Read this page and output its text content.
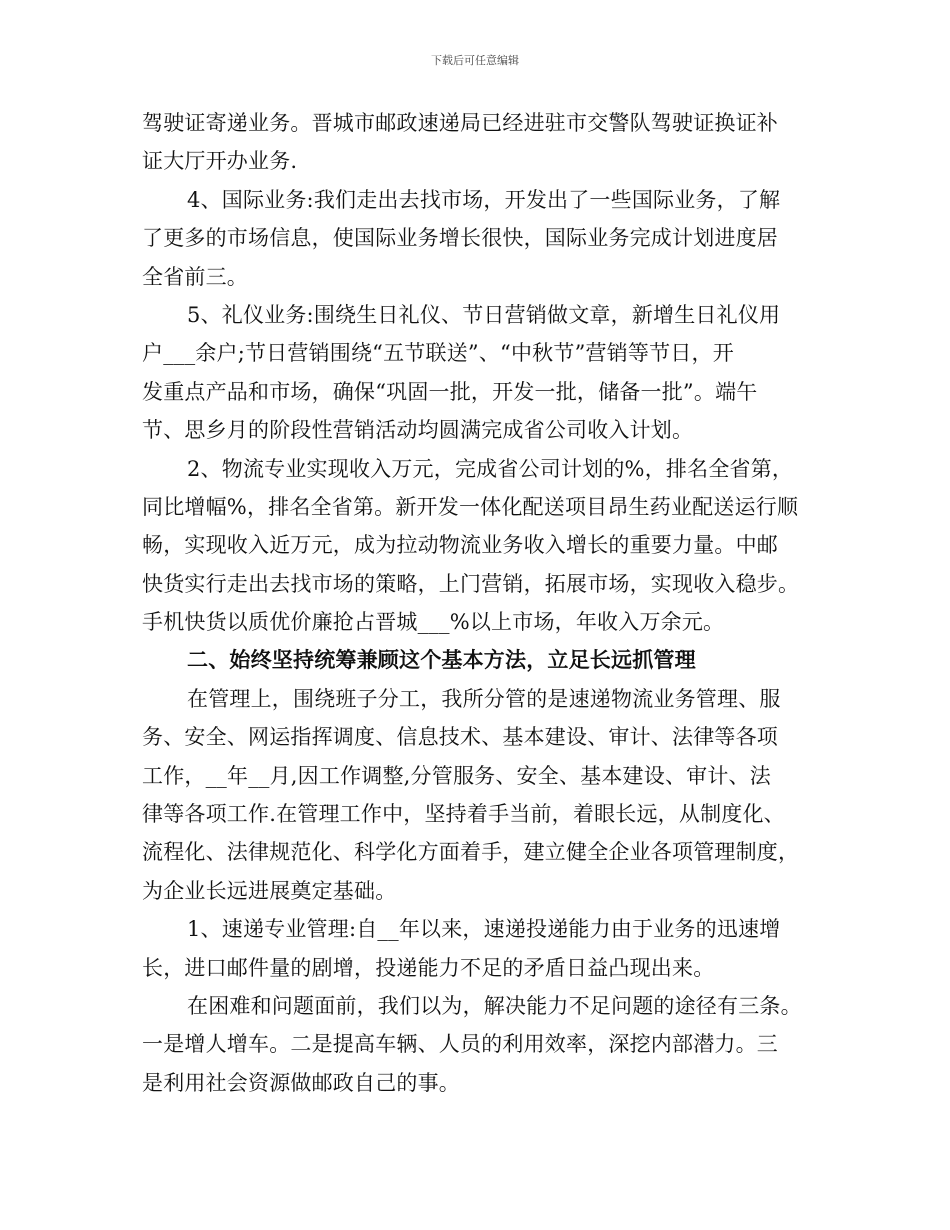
下载后可任意编辑
驾驶证寄递业务。晋城市邮政速递局已经进驻市交警队驾驶证换证补
证大厅开办业务.
4、国际业务:我们走出去找市场，开发出了一些国际业务，了解
了更多的市场信息，使国际业务增长很快，国际业务完成计划进度居
全省前三。
5、礼仪业务:围绕生日礼仪、节日营销做文章，新增生日礼仪用
户___余户;节日营销围绕“五节联送”、“中秋节”营销等节日，开
发重点产品和市场，确保“巩固一批，开发一批，储备一批”。端午
节、思乡月的阶段性营销活动均圆满完成省公司收入计划。
2、物流专业实现收入万元，完成省公司计划的%，排名全省第，
同比增幅%，排名全省第。新开发一体化配送项目昂生药业配送运行顺
畅，实现收入近万元，成为拉动物流业务收入增长的重要力量。中邮
快货实行走出去找市场的策略，上门营销，拓展市场，实现收入稳步。
手机快货以质优价廉抢占晋城___%以上市场，年收入万余元。
二、始终坚持统筹兼顾这个基本方法，立足长远抓管理
在管理上，围绕班子分工，我所分管的是速递物流业务管理、服
务、安全、网运指挥调度、信息技术、基本建设、审计、法律等各项
工作，__年__月,因工作调整,分管服务、安全、基本建设、审计、法
律等各项工作.在管理工作中，坚持着手当前，着眼长远，从制度化、
流程化、法律规范化、科学化方面着手，建立健全企业各项管理制度，
为企业长远进展奠定基础。
1、速递专业管理:自__年以来，速递投递能力由于业务的迅速增
长，进口邮件量的剧增，投递能力不足的矛盾日益凸现出来。
在困难和问题面前，我们以为，解决能力不足问题的途径有三条。
一是增人增车。二是提高车辆、人员的利用效率，深挖内部潜力。三
是利用社会资源做邮政自己的事。
